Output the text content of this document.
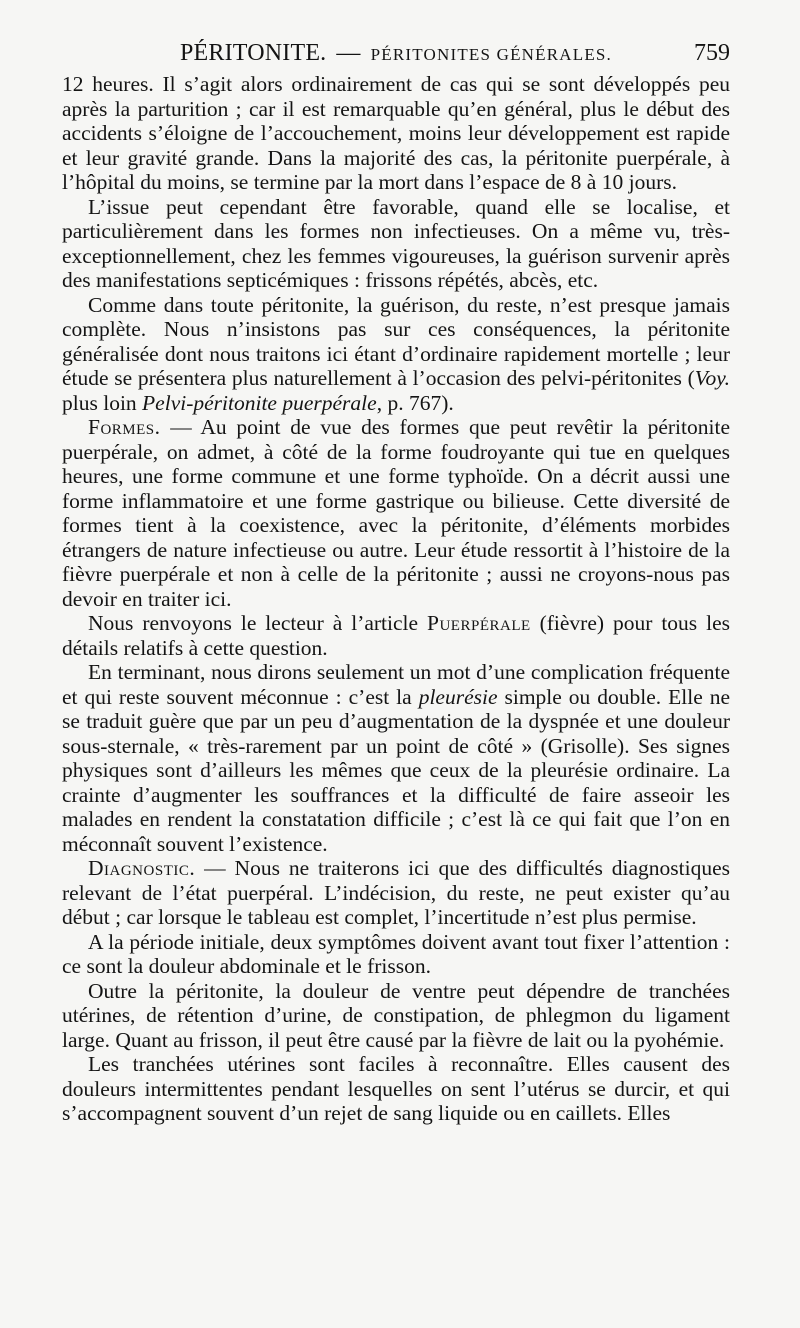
PÉRITONITE. — PÉRITONITES GÉNÉRALES.	759

12 heures. Il s’agit alors ordinairement de cas qui se sont développés peu après la parturition ; car il est remarquable qu’en général, plus le début des accidents s’éloigne de l’accouchement, moins leur développement est rapide et leur gravité grande. Dans la majorité des cas, la péritonite puerpérale, à l’hôpital du moins, se termine par la mort dans l’espace de 8 à 10 jours.

L’issue peut cependant être favorable, quand elle se localise, et particulièrement dans les formes non infectieuses. On a même vu, très-exceptionnellement, chez les femmes vigoureuses, la guérison survenir après des manifestations septicémiques : frissons répétés, abcès, etc.

Comme dans toute péritonite, la guérison, du reste, n’est presque jamais complète. Nous n’insistons pas sur ces conséquences, la péritonite généralisée dont nous traitons ici étant d’ordinaire rapidement mortelle ; leur étude se présentera plus naturellement à l’occasion des pelvi-péritonites (Voy. plus loin Pelvi-péritonite puerpérale, p. 767).

Formes. — Au point de vue des formes que peut revêtir la péritonite puerpérale, on admet, à côté de la forme foudroyante qui tue en quelques heures, une forme commune et une forme typhoïde. On a décrit aussi une forme inflammatoire et une forme gastrique ou bilieuse. Cette diversité de formes tient à la coexistence, avec la péritonite, d’éléments morbides étrangers de nature infectieuse ou autre. Leur étude ressortit à l’histoire de la fièvre puerpérale et non à celle de la péritonite ; aussi ne croyons-nous pas devoir en traiter ici.

Nous renvoyons le lecteur à l’article Puerpérale (fièvre) pour tous les détails relatifs à cette question.

En terminant, nous dirons seulement un mot d’une complication fréquente et qui reste souvent méconnue : c’est la pleurésie simple ou double. Elle ne se traduit guère que par un peu d’augmentation de la dyspnée et une douleur sous-sternale, « très-rarement par un point de côté » (Grisolle). Ses signes physiques sont d’ailleurs les mêmes que ceux de la pleurésie ordinaire. La crainte d’augmenter les souffrances et la difficulté de faire asseoir les malades en rendent la constatation difficile ; c’est là ce qui fait que l’on en méconnaît souvent l’existence.

Diagnostic. — Nous ne traiterons ici que des difficultés diagnostiques relevant de l’état puerpéral. L’indécision, du reste, ne peut exister qu’au début ; car lorsque le tableau est complet, l’incertitude n’est plus permise.

A la période initiale, deux symptômes doivent avant tout fixer l’attention : ce sont la douleur abdominale et le frisson.

Outre la péritonite, la douleur de ventre peut dépendre de tranchées utérines, de rétention d’urine, de constipation, de phlegmon du ligament large. Quant au frisson, il peut être causé par la fièvre de lait ou la pyohémie.

Les tranchées utérines sont faciles à reconnaître. Elles causent des douleurs intermittentes pendant lesquelles on sent l’utérus se durcir, et qui s’accompagnent souvent d’un rejet de sang liquide ou en caillets. Elles
